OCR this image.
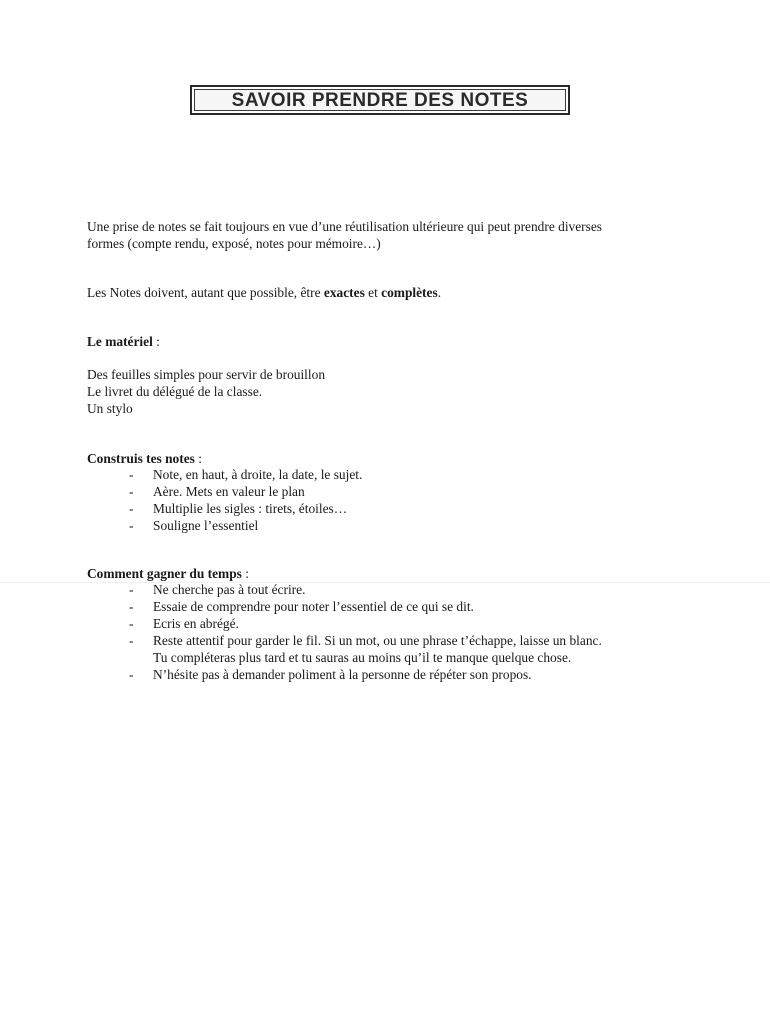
SAVOIR PRENDRE DES NOTES
Une prise de notes se fait toujours en vue d’une réutilisation ultérieure qui peut prendre diverses
formes (compte rendu, exposé, notes pour mémoire…)
Les Notes doivent, autant que possible, être exactes et complètes.
Le matériel :
Des feuilles simples pour servir de brouillon
Le livret du délégué de la classe.
Un stylo
Construis tes notes :
- Note, en haut, à droite, la date, le sujet.
- Aère. Mets en valeur le plan
- Multiplie les sigles : tirets, étoiles…
- Souligne l’essentiel
Comment gagner du temps :
- Ne cherche pas à tout écrire.
- Essaie de comprendre pour noter l’essentiel de ce qui se dit.
- Ecris en abrégé.
- Reste attentif pour garder le fil. Si un mot, ou une phrase t’échappe, laisse un blanc.
Tu compléteras plus tard et tu sauras au moins qu’il te manque quelque chose.
- N’hésite pas à demander poliment à la personne de répéter son propos.
